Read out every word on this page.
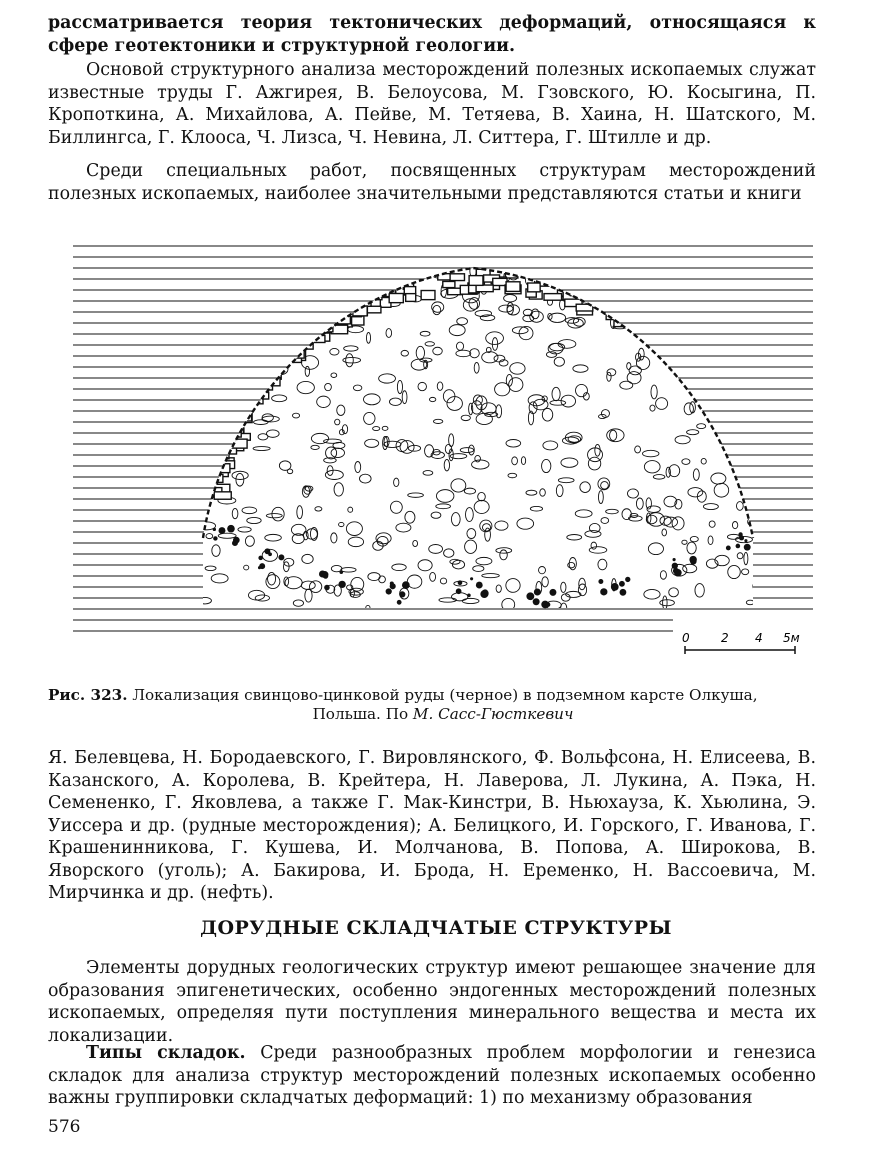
рассматривается теория тектонических деформаций, относящаяся к сфере геотектоники и структурной геологии.

Основой структурного анализа месторождений полезных ископаемых служат известные труды Г. Ажгирея, В. Белоусова, М. Гзовского, Ю. Косыгина, П. Кропоткина, А. Михайлова, А. Пейве, М. Тетяева, В. Хаина, Н. Шатского, М. Биллингса, Г. Клооса, Ч. Лизса, Ч. Невина, Л. Ситтера, Г. Штилле и др.

Среди специальных работ, посвященных структурам месторождений полезных ископаемых, наиболее значительными представляются статьи и книги

0	2 4 5м

Рис. 323. Локализация свинцово-цинковой руды (черное) в подземном карсте Олкуша,
Польша. По М. Сасс-Гюсткевич

Я. Белевцева, Н. Бородаевского, Г. Вировлянского, Ф. Вольфсона, Н. Елисеева, В. Казанского, А. Королева, В. Крейтера, Н. Лаверова, Л. Лукина, А. Пэка, Н. Семененко, Г. Яковлева, а также Г. Мак-Кинстри, В. Ньюхауза, К. Хьюлина, Э. Уиссера и др. (рудные месторождения); А. Белицкого, И. Горского, Г. Иванова, Г. Крашенинникова, Г. Кушева, И. Молчанова, В. Попова, А. Широкова, В. Яворского (уголь); А. Бакирова, И. Брода, Н. Еременко, Н. Вассоевича, М. Мирчинка и др. (нефть).

ДОРУДНЫЕ СКЛАДЧАТЫЕ СТРУКТУРЫ

Элементы дорудных геологических структур имеют решающее значение для образования эпигенетических, особенно эндогенных месторождений полезных ископаемых, определяя пути поступления минерального вещества и места их локализации.

Типы складок. Среди разнообразных проблем морфологии и генезиса складок для анализа структур месторождений полезных ископаемых особенно важны группировки складчатых деформаций: 1) по механизму образования

576
